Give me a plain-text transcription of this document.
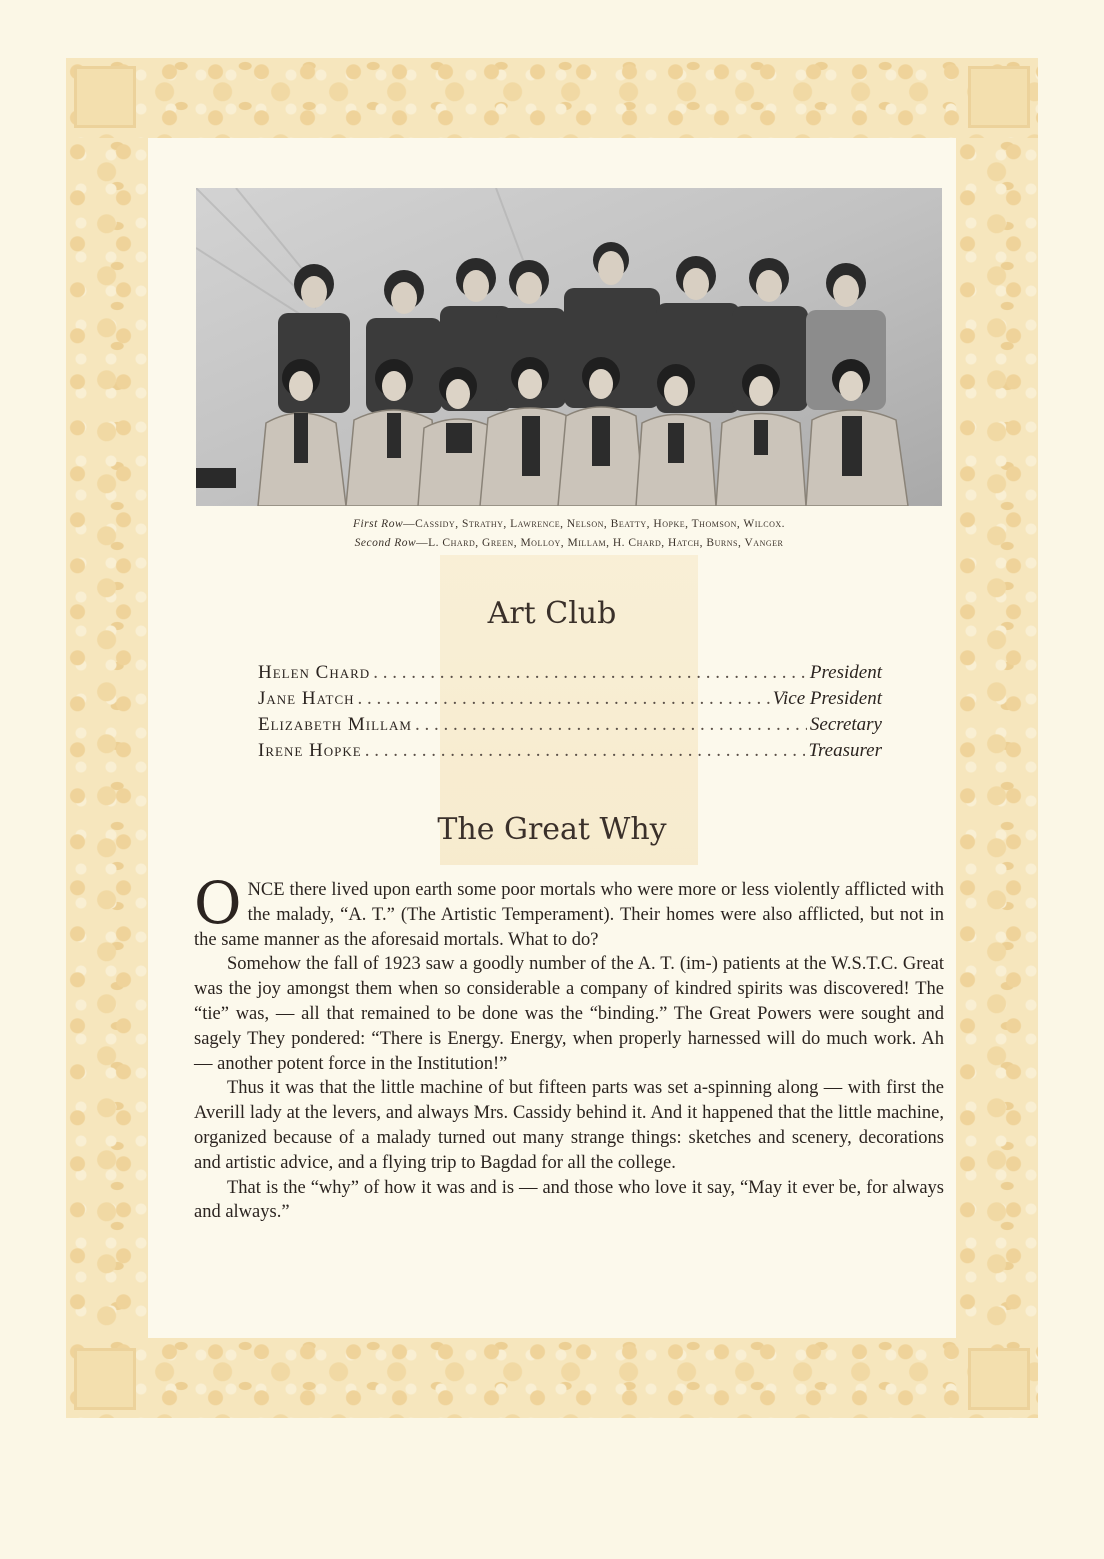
First Row—Cassidy, Strathy, Lawrence, Nelson, Beatty, Hopke, Thomson, Wilcox.
Second Row—L. Chard, Green, Molloy, Millam, H. Chard, Hatch, Burns, Vanger
Art Club
Helen Chard . . .	President
Jane Hatch . . .	Vice President
Elizabeth Millam . . .	Secretary
Irene Hopke . . .	Treasurer
The Great Why

ONCE there lived upon earth some poor mortals who were more or less violently afflicted with the malady, “A. T.” (The Artistic Temperament). Their homes were also afflicted, but not in the same manner as the aforesaid mortals. What to do?

Somehow the fall of 1923 saw a goodly number of the A. T. (im-) patients at the W.S.T.C. Great was the joy amongst them when so considerable a company of kindred spirits was discovered! The “tie” was, — all that remained to be done was the “binding.” The Great Powers were sought and sagely They pondered: “There is Energy. Energy, when properly harnessed will do much work. Ah — another potent force in the Institution!”

Thus it was that the little machine of but fifteen parts was set a-spinning along — with first the Averill lady at the levers, and always Mrs. Cassidy behind it. And it happened that the little machine, organized because of a malady turned out many strange things: sketches and scenery, decorations and artistic advice, and a flying trip to Bagdad for all the college.

That is the “why” of how it was and is — and those who love it say, “May it ever be, for always and always.”
